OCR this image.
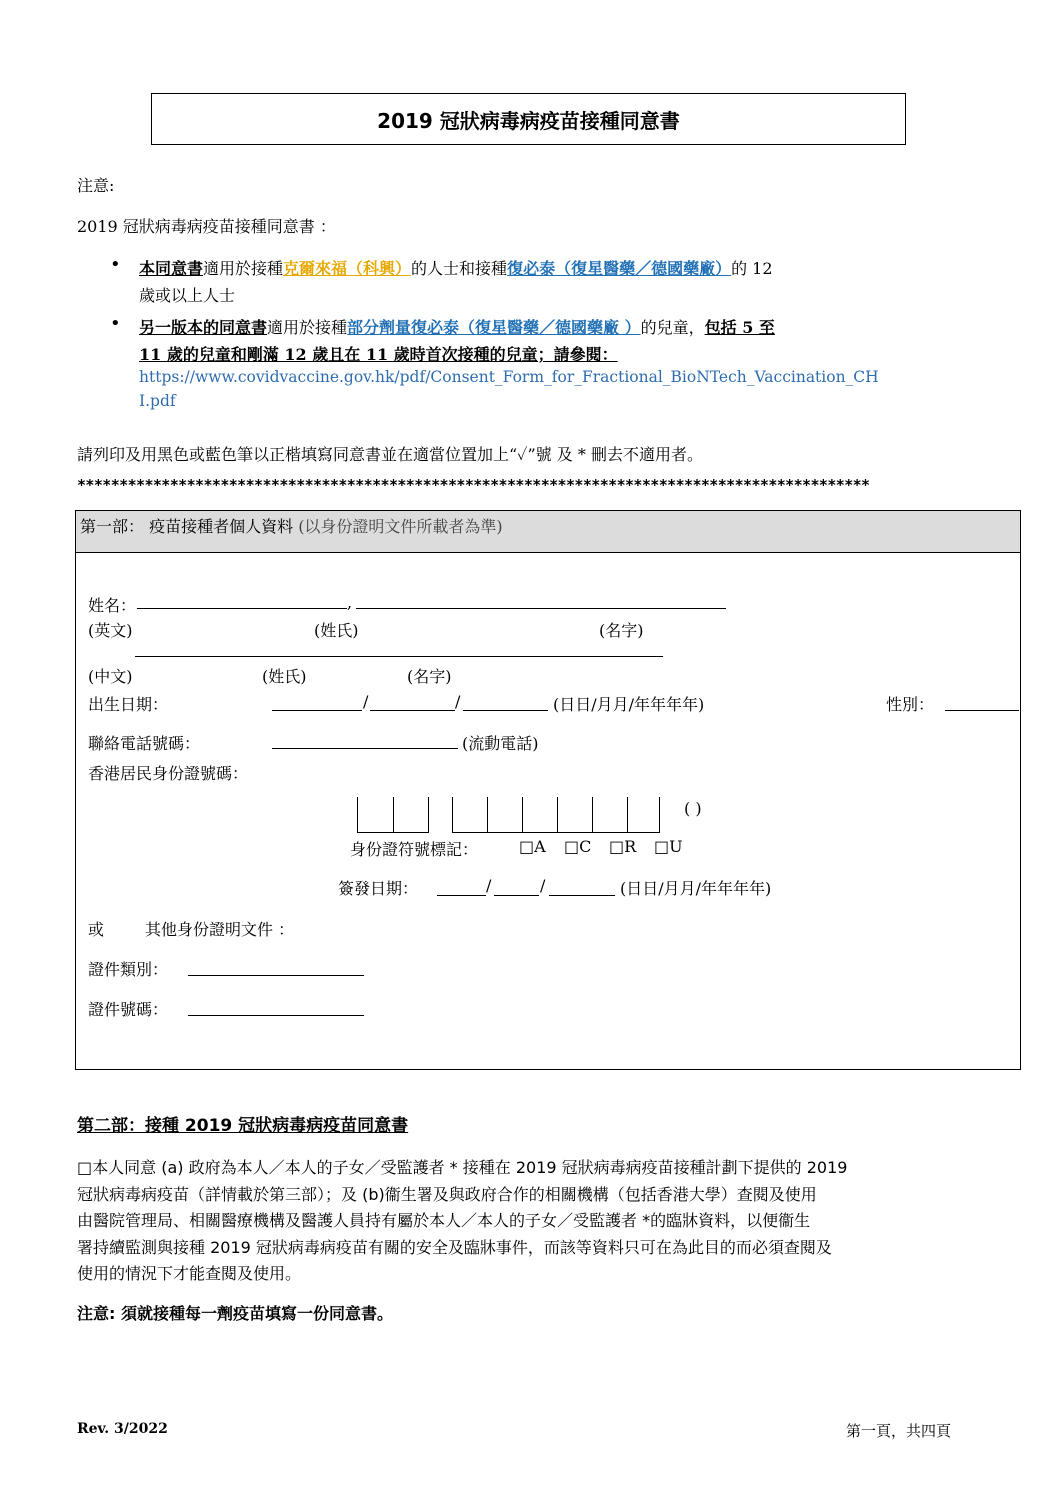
2019 冠狀病毒病疫苗接種同意書
注意:
2019 冠狀病毒病疫苗接種同意書 ：
• 本同意書適用於接種克爾來福（科興）的人士和接種復必泰（復星醫藥／德國藥廠）的 12
歲或以上人士
• 另一版本的同意書適用於接種部分劑量復必泰（復星醫藥／德國藥廠 ）的兒童，包括 5 至
11 歲的兒童和剛滿 12 歲且在 11 歲時首次接種的兒童；請參閱：
https://www.covidvaccine.gov.hk/pdf/Consent_Form_for_Fractional_BioNTech_Vaccination_CH
I.pdf
請列印及用黑色或藍色筆以正楷填寫同意書並在適當位置加上“✓”號 及 * 刪去不適用者。
**********************************************************************************************
第一部： 疫苗接種者個人資料 (以身份證明文件所載者為準)
姓名：	,
(英文)	(姓氏)	(名字)
(中文)	(姓氏)	(名字)
出生日期：	/	/	(日日/月月/年年年年)	性別：
聯絡電話號碼：	(流動電話)
香港居民身份證號碼：
( )
身份證符號標記：	□A □C □R □U
簽發日期：	/	/	(日日/月月/年年年年)
或	其他身份證明文件 ：
證件類別：
證件號碼：
第二部：接種 2019 冠狀病毒病疫苗同意書
□本人同意 (a) 政府為本人／本人的子女／受監護者 * 接種在 2019 冠狀病毒病疫苗接種計劃下提供的 2019
冠狀病毒病疫苗（詳情載於第三部）；及 (b)衞生署及與政府合作的相關機構（包括香港大學）查閱及使用
由醫院管理局、相關醫療機構及醫護人員持有屬於本人／本人的子女／受監護者 *的臨牀資料，以便衞生
署持續監測與接種 2019 冠狀病毒病疫苗有關的安全及臨牀事件，而該等資料只可在為此目的而必須查閱及
使用的情況下才能查閱及使用。
注意: 須就接種每一劑疫苗填寫一份同意書。
Rev. 3/2022	第一頁，共四頁
